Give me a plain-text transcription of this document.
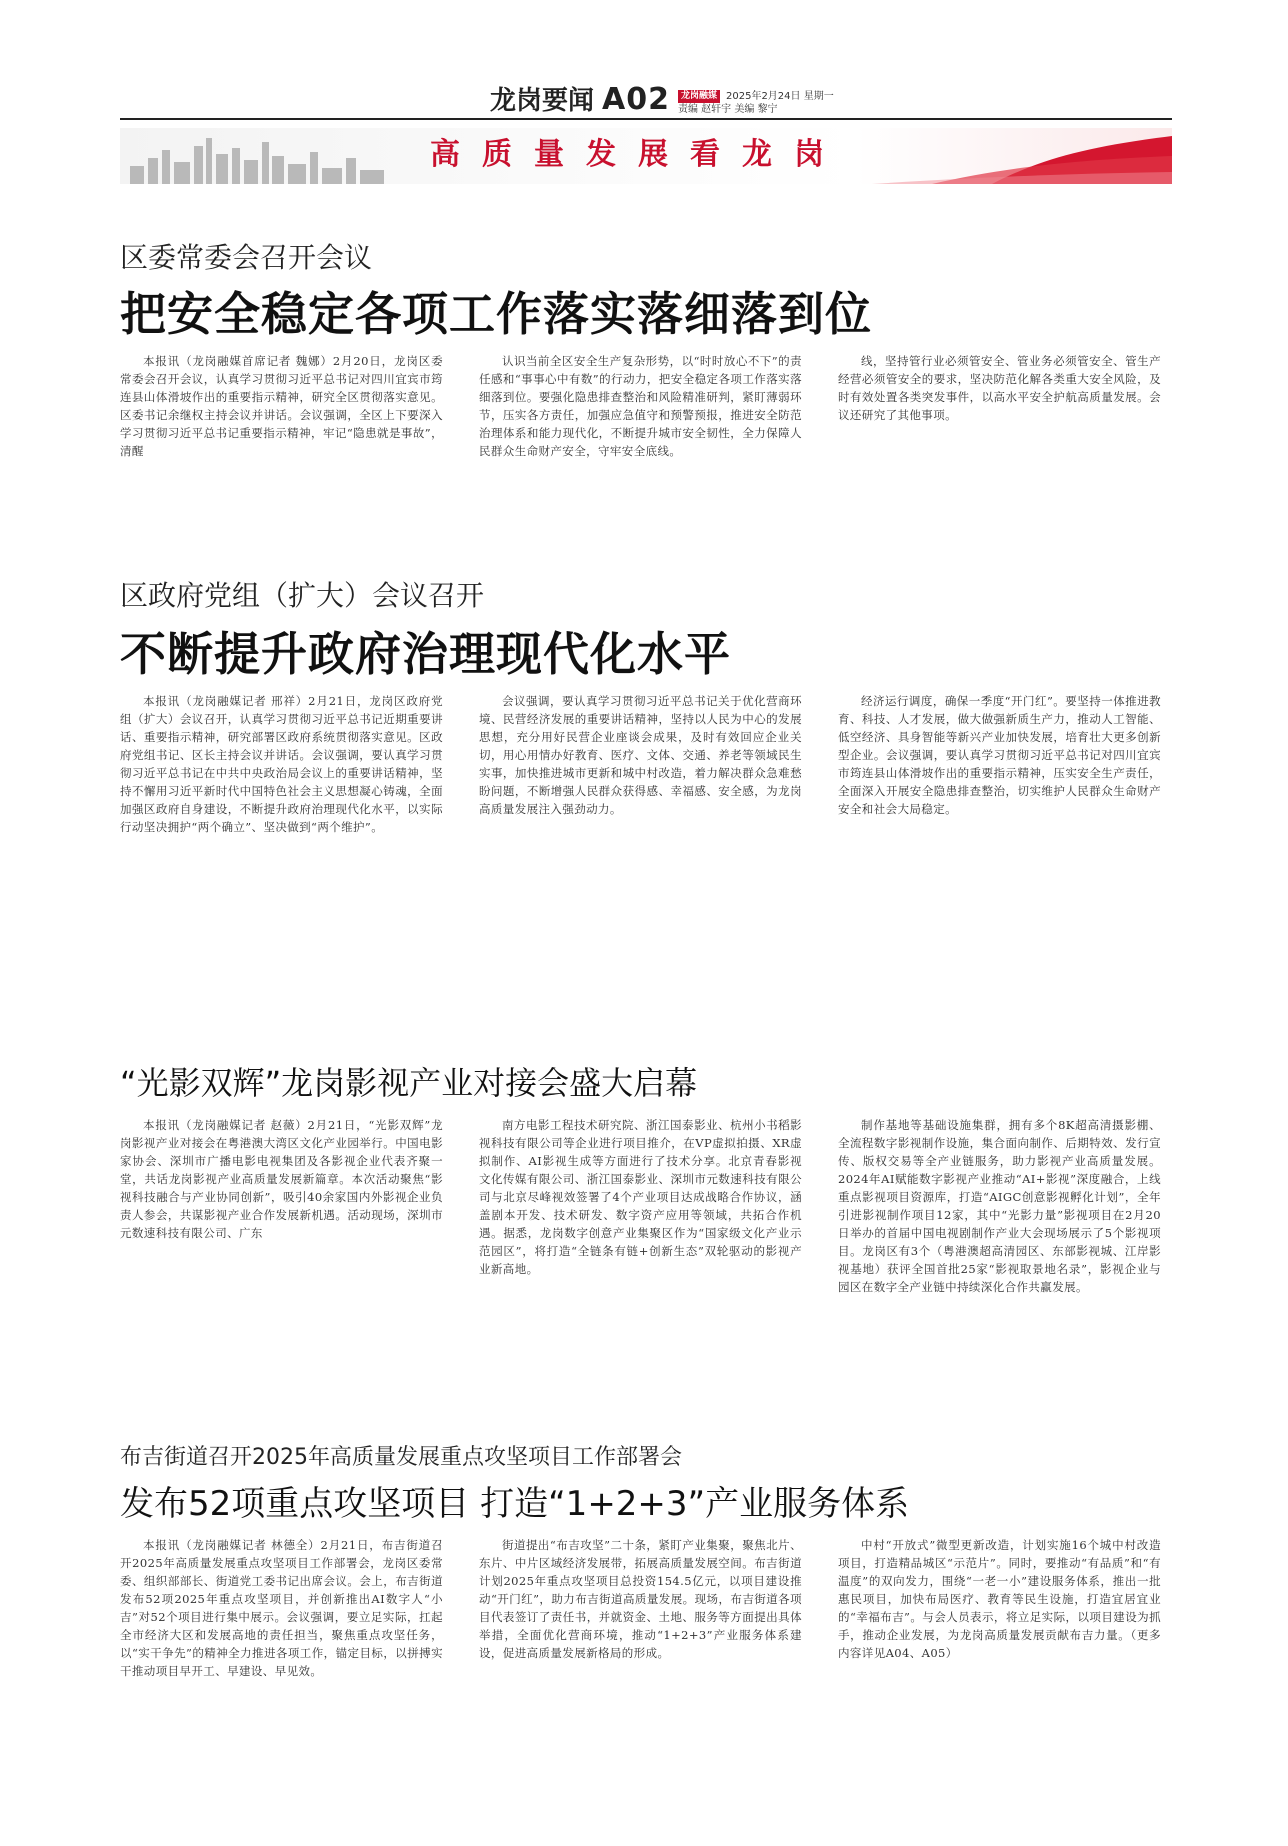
龙岗要闻 A02	龙岗融媒 2025年2月24日 星期一
责编 赵轩宇 美编 黎宁
高质量发展看龙岗
区委常委会召开会议
把安全稳定各项工作落实落细落到位

本报讯（龙岗融媒首席记者 魏娜）2月20日，龙岗区委常委会召开会议，认真学习贯彻习近平总书记对四川宜宾市筠连县山体滑坡作出的重要指示精神，研究全区贯彻落实意见。区委书记余继权主持会议并讲话。会议强调，全区上下要深入学习贯彻习近平总书记重要指示精神，牢记“隐患就是事故”，清醒

认识当前全区安全生产复杂形势，以“时时放心不下”的责任感和“事事心中有数”的行动力，把安全稳定各项工作落实落细落到位。要强化隐患排查整治和风险精准研判，紧盯薄弱环节，压实各方责任，加强应急值守和预警预报，推进安全防范治理体系和能力现代化，不断提升城市安全韧性，全力保障人民群众生命财产安全，守牢安全底线。

线，坚持管行业必须管安全、管业务必须管安全、管生产经营必须管安全的要求，坚决防范化解各类重大安全风险，及时有效处置各类突发事件，以高水平安全护航高质量发展。会议还研究了其他事项。

区政府党组（扩大）会议召开
不断提升政府治理现代化水平

本报讯（龙岗融媒记者 邢祥）2月21日，龙岗区政府党组（扩大）会议召开，认真学习贯彻习近平总书记近期重要讲话、重要指示精神，研究部署区政府系统贯彻落实意见。区政府党组书记、区长主持会议并讲话。会议强调，要认真学习贯彻习近平总书记在中共中央政治局会议上的重要讲话精神，坚持不懈用习近平新时代中国特色社会主义思想凝心铸魂，全面加强区政府自身建设，不断提升政府治理现代化水平，以实际行动坚决拥护“两个确立”、坚决做到“两个维护”。

会议强调，要认真学习贯彻习近平总书记关于优化营商环境、民营经济发展的重要讲话精神，坚持以人民为中心的发展思想，充分用好民营企业座谈会成果，及时有效回应企业关切，用心用情办好教育、医疗、文体、交通、养老等领域民生实事，加快推进城市更新和城中村改造，着力解决群众急难愁盼问题，不断增强人民群众获得感、幸福感、安全感，为龙岗高质量发展注入强劲动力。

经济运行调度，确保一季度“开门红”。要坚持一体推进教育、科技、人才发展，做大做强新质生产力，推动人工智能、低空经济、具身智能等新兴产业加快发展，培育壮大更多创新型企业。会议强调，要认真学习贯彻习近平总书记对四川宜宾市筠连县山体滑坡作出的重要指示精神，压实安全生产责任，全面深入开展安全隐患排查整治，切实维护人民群众生命财产安全和社会大局稳定。

“光影双辉”龙岗影视产业对接会盛大启幕

本报讯（龙岗融媒记者 赵薇）2月21日，“光影双辉”龙岗影视产业对接会在粤港澳大湾区文化产业园举行。中国电影家协会、深圳市广播电影电视集团及各影视企业代表齐聚一堂，共话龙岗影视产业高质量发展新篇章。本次活动聚焦“影视科技融合与产业协同创新”，吸引40余家国内外影视企业负责人参会，共谋影视产业合作发展新机遇。活动现场，深圳市元数速科技有限公司、广东

南方电影工程技术研究院、浙江国泰影业、杭州小书稻影视科技有限公司等企业进行项目推介，在VP虚拟拍摄、XR虚拟制作、AI影视生成等方面进行了技术分享。北京青春影视文化传媒有限公司、浙江国泰影业、深圳市元数速科技有限公司与北京尽峰视效签署了4个产业项目达成战略合作协议，涵盖剧本开发、技术研发、数字资产应用等领域，共拓合作机遇。据悉，龙岗数字创意产业集聚区作为“国家级文化产业示范园区”，将打造“全链条有链+创新生态”双轮驱动的影视产业新高地。

制作基地等基础设施集群，拥有多个8K超高清摄影棚、全流程数字影视制作设施，集合面向制作、后期特效、发行宣传、版权交易等全产业链服务，助力影视产业高质量发展。2024年AI赋能数字影视产业推动“AI+影视”深度融合，上线重点影视项目资源库，打造“AIGC创意影视孵化计划”，全年引进影视制作项目12家，其中“光影力量”影视项目在2月20日举办的首届中国电视剧制作产业大会现场展示了5个影视项目。龙岗区有3个（粤港澳超高清园区、东部影视城、江岸影视基地）获评全国首批25家“影视取景地名录”，影视企业与园区在数字全产业链中持续深化合作共赢发展。

布吉街道召开2025年高质量发展重点攻坚项目工作部署会
发布52项重点攻坚项目 打造“1+2+3”产业服务体系

本报讯（龙岗融媒记者 林德全）2月21日，布吉街道召开2025年高质量发展重点攻坚项目工作部署会，龙岗区委常委、组织部部长、街道党工委书记出席会议。会上，布吉街道发布52项2025年重点攻坚项目，并创新推出AI数字人“小吉”对52个项目进行集中展示。会议强调，要立足实际，扛起全市经济大区和发展高地的责任担当，聚焦重点攻坚任务，以“实干争先”的精神全力推进各项工作，锚定目标，以拼搏实干推动项目早开工、早建设、早见效。

街道提出“布吉攻坚”二十条，紧盯产业集聚，聚焦北片、东片、中片区域经济发展带，拓展高质量发展空间。布吉街道计划2025年重点攻坚项目总投资154.5亿元，以项目建设推动“开门红”，助力布吉街道高质量发展。现场，布吉街道各项目代表签订了责任书，并就资金、土地、服务等方面提出具体举措，全面优化营商环境，推动“1+2+3”产业服务体系建设，促进高质量发展新格局的形成。

中村“开放式”微型更新改造，计划实施16个城中村改造项目，打造精品城区“示范片”。同时，要推动“有品质”和“有温度”的双向发力，围绕“一老一小”建设服务体系，推出一批惠民项目，加快布局医疗、教育等民生设施，打造宜居宜业的“幸福布吉”。与会人员表示，将立足实际，以项目建设为抓手，推动企业发展，为龙岗高质量发展贡献布吉力量。（更多内容详见A04、A05）
